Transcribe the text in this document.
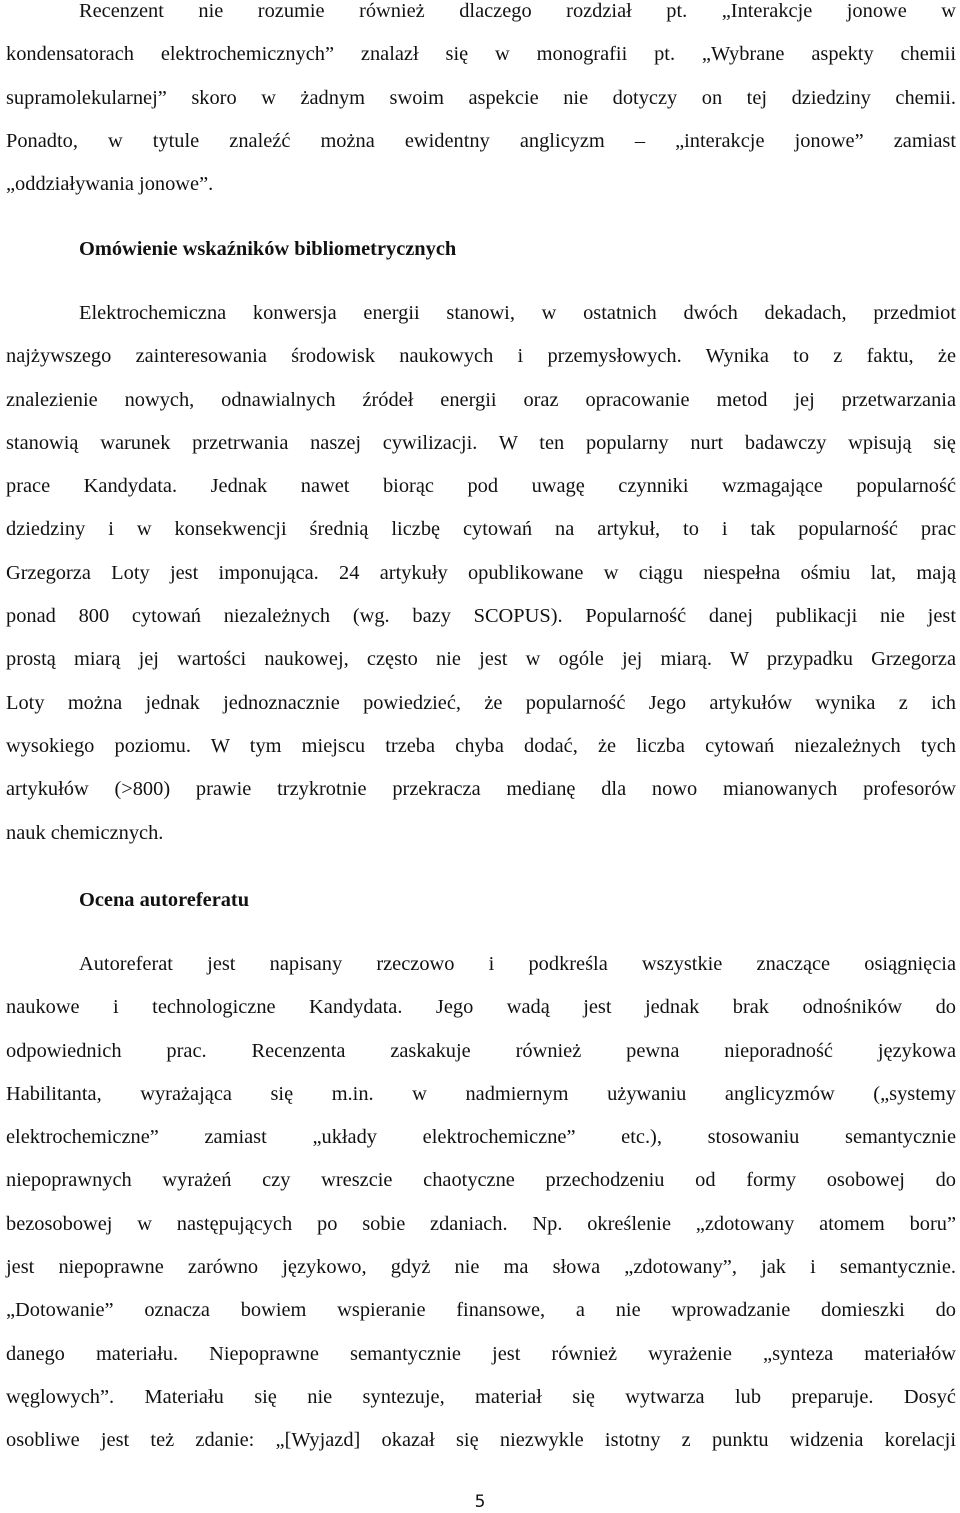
Recenzent nie rozumie również dlaczego rozdział pt. „Interakcje jonowe w
kondensatorach elektrochemicznych” znalazł się w monografii pt. „Wybrane aspekty chemii
supramolekularnej” skoro w żadnym swoim aspekcie nie dotyczy on tej dziedziny chemii.
Ponadto, w tytule znaleźć można ewidentny anglicyzm – „interakcje jonowe” zamiast
„oddziaływania jonowe”.
Omówienie wskaźników bibliometrycznych
Elektrochemiczna konwersja energii stanowi, w ostatnich dwóch dekadach, przedmiot
najżywszego zainteresowania środowisk naukowych i przemysłowych. Wynika to z faktu, że
znalezienie nowych, odnawialnych źródeł energii oraz opracowanie metod jej przetwarzania
stanowią warunek przetrwania naszej cywilizacji. W ten popularny nurt badawczy wpisują się
prace Kandydata. Jednak nawet biorąc pod uwagę czynniki wzmagające popularność
dziedziny i w konsekwencji średnią liczbę cytowań na artykuł, to i tak popularność prac
Grzegorza Loty jest imponująca. 24 artykuły opublikowane w ciągu niespełna ośmiu lat, mają
ponad 800 cytowań niezależnych (wg. bazy SCOPUS). Popularność danej publikacji nie jest
prostą miarą jej wartości naukowej, często nie jest w ogóle jej miarą. W przypadku Grzegorza
Loty można jednak jednoznacznie powiedzieć, że popularność Jego artykułów wynika z ich
wysokiego poziomu. W tym miejscu trzeba chyba dodać, że liczba cytowań niezależnych tych
artykułów (>800) prawie trzykrotnie przekracza medianę dla nowo mianowanych profesorów
nauk chemicznych.
Ocena autoreferatu
Autoreferat jest napisany rzeczowo i podkreśla wszystkie znaczące osiągnięcia
naukowe i technologiczne Kandydata. Jego wadą jest jednak brak odnośników do
odpowiednich prac. Recenzenta zaskakuje również pewna nieporadność językowa
Habilitanta, wyrażająca się m.in. w nadmiernym używaniu anglicyzmów („systemy
elektrochemiczne” zamiast „układy elektrochemiczne” etc.), stosowaniu semantycznie
niepoprawnych wyrażeń czy wreszcie chaotyczne przechodzeniu od formy osobowej do
bezosobowej w następujących po sobie zdaniach. Np. określenie „zdotowany atomem boru”
jest niepoprawne zarówno językowo, gdyż nie ma słowa „zdotowany”, jak i semantycznie.
„Dotowanie” oznacza bowiem wspieranie finansowe, a nie wprowadzanie domieszki do
danego materiału. Niepoprawne semantycznie jest również wyrażenie „synteza materiałów
węglowych”. Materiału się nie syntezuje, materiał się wytwarza lub preparuje. Dosyć
osobliwe jest też zdanie: „[Wyjazd] okazał się niezwykle istotny z punktu widzenia korelacji
5
